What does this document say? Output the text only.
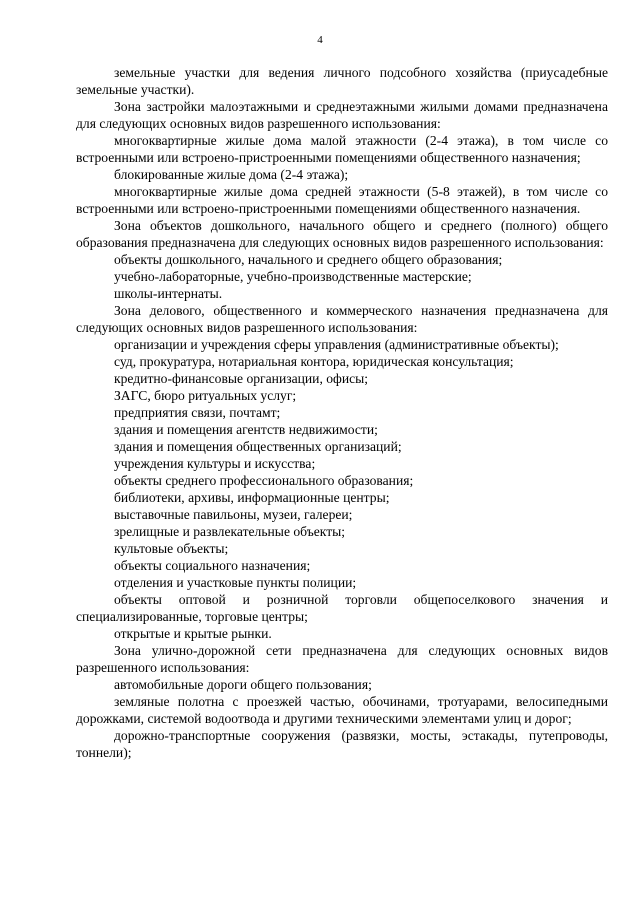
4

земельные участки для ведения личного подсобного хозяйства (приусадебные земельные участки).

Зона застройки малоэтажными и среднеэтажными жилыми домами предназначена для следующих основных видов разрешенного использования:

многоквартирные жилые дома малой этажности (2-4 этажа), в том числе со встроенными или встроено-пристроенными помещениями общественного назначения;

блокированные жилые дома (2-4 этажа);

многоквартирные жилые дома средней этажности (5-8 этажей), в том числе со встроенными или встроено-пристроенными помещениями общественного назначения.

Зона объектов дошкольного, начального общего и среднего (полного) общего образования предназначена для следующих основных видов разрешенного использования:

объекты дошкольного, начального и среднего общего образования;

учебно-лабораторные, учебно-производственные мастерские;

школы-интернаты.

Зона делового, общественного и коммерческого назначения предназначена для следующих основных видов разрешенного использования:

организации и учреждения сферы управления (административные объекты);

суд, прокуратура, нотариальная контора, юридическая консультация;

кредитно-финансовые организации, офисы;

ЗАГС, бюро ритуальных услуг;

предприятия связи, почтамт;

здания и помещения агентств недвижимости;

здания и помещения общественных организаций;

учреждения культуры и искусства;

объекты среднего профессионального образования;

библиотеки, архивы, информационные центры;

выставочные павильоны, музеи, галереи;

зрелищные и развлекательные объекты;

культовые объекты;

объекты социального назначения;

отделения и участковые пункты полиции;

объекты оптовой и розничной торговли общепоселкового значения и специализированные, торговые центры;

открытые и крытые рынки.

Зона улично-дорожной сети предназначена для следующих основных видов разрешенного использования:

автомобильные дороги общего пользования;

земляные полотна с проезжей частью, обочинами, тротуарами, велосипедными дорожками, системой водоотвода и другими техническими элементами улиц и дорог;

дорожно-транспортные сооружения (развязки, мосты, эстакады, путепроводы, тоннели);
